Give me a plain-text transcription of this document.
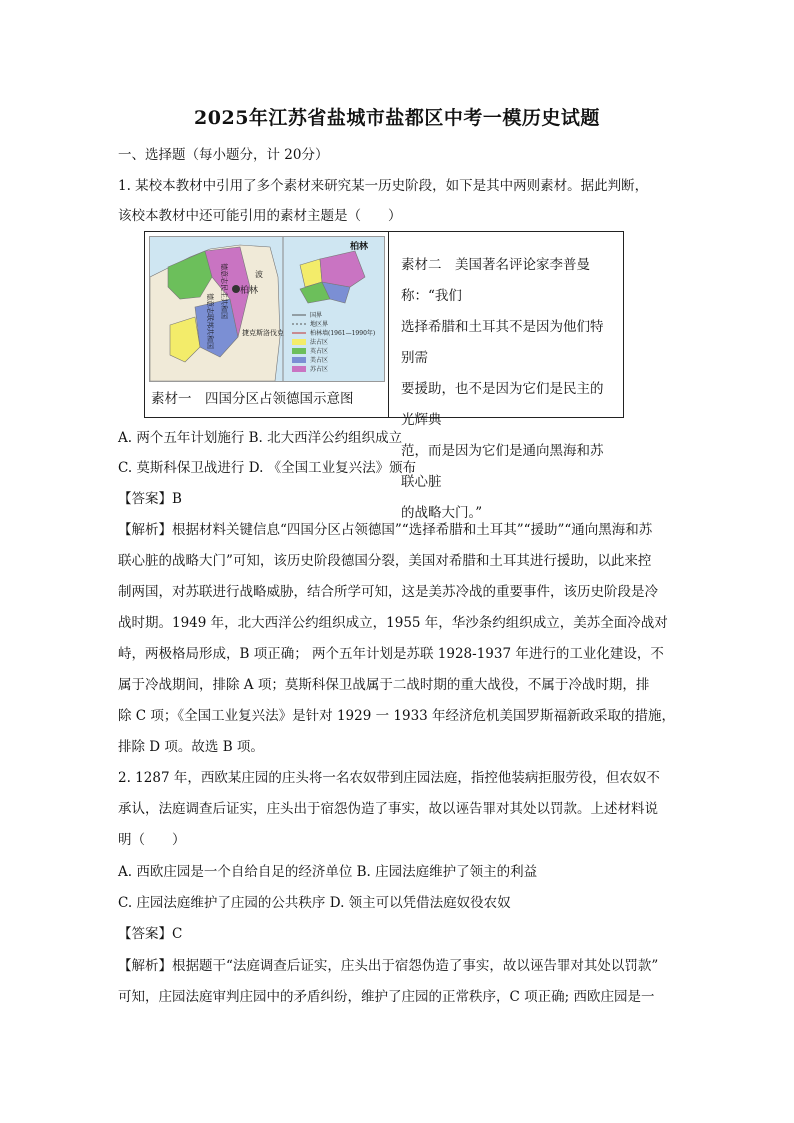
2025年江苏省盐城市盐都区中考一模历史试题
一、选择题（每小题分，计 20分）
1. 某校本教材中引用了多个素材来研究某一历史阶段，如下是其中两则素材。据此判断，
该校本教材中还可能引用的素材主题是（　　）
柏林
德意志民主共和国
德意志联邦共和国	捷克斯洛伐克
波
柏林
国界
地区界
柏林墙(1961—1990年)
法占区
英占区
美占区
苏占区
素材一　四国分区占领德国示意图
素材二　美国著名评论家李普曼称：“我们
选择希腊和土耳其不是因为他们特别需
要援助，也不是因为它们是民主的光辉典
范，而是因为它们是通向黑海和苏联心脏
的战略大门。”
A. 两个五年计划施行 B. 北大西洋公约组织成立
C. 莫斯科保卫战进行 D. 《全国工业复兴法》颁布
【答案】B
【解析】根据材料关键信息“四国分区占领德国”“选择希腊和土耳其”“援助”“通向黑海和苏
联心脏的战略大门”可知，该历史阶段德国分裂，美国对希腊和土耳其进行援助，以此来控
制两国，对苏联进行战略威胁，结合所学可知，这是美苏冷战的重要事件，该历史阶段是冷
战时期。1949 年，北大西洋公约组织成立，1955 年，华沙条约组织成立，美苏全面冷战对
峙，两极格局形成，B 项正确； 两个五年计划是苏联 1928-1937 年进行的工业化建设，不
属于冷战期间，排除 A 项；莫斯科保卫战属于二战时期的重大战役，不属于冷战时期，排
除 C 项；《全国工业复兴法》是针对 1929 一 1933 年经济危机美国罗斯福新政采取的措施，
排除 D 项。故选 B 项。
2. 1287 年，西欧某庄园的庄头将一名农奴带到庄园法庭，指控他装病拒服劳役，但农奴不
承认，法庭调查后证实，庄头出于宿怨伪造了事实，故以诬告罪对其处以罚款。上述材料说
明（　　）
A. 西欧庄园是一个自给自足的经济单位 B. 庄园法庭维护了领主的利益
C. 庄园法庭维护了庄园的公共秩序 D. 领主可以凭借法庭奴役农奴
【答案】C
【解析】根据题干“法庭调查后证实，庄头出于宿怨伪造了事实，故以诬告罪对其处以罚款”
可知，庄园法庭审判庄园中的矛盾纠纷，维护了庄园的正常秩序，C 项正确; 西欧庄园是一
